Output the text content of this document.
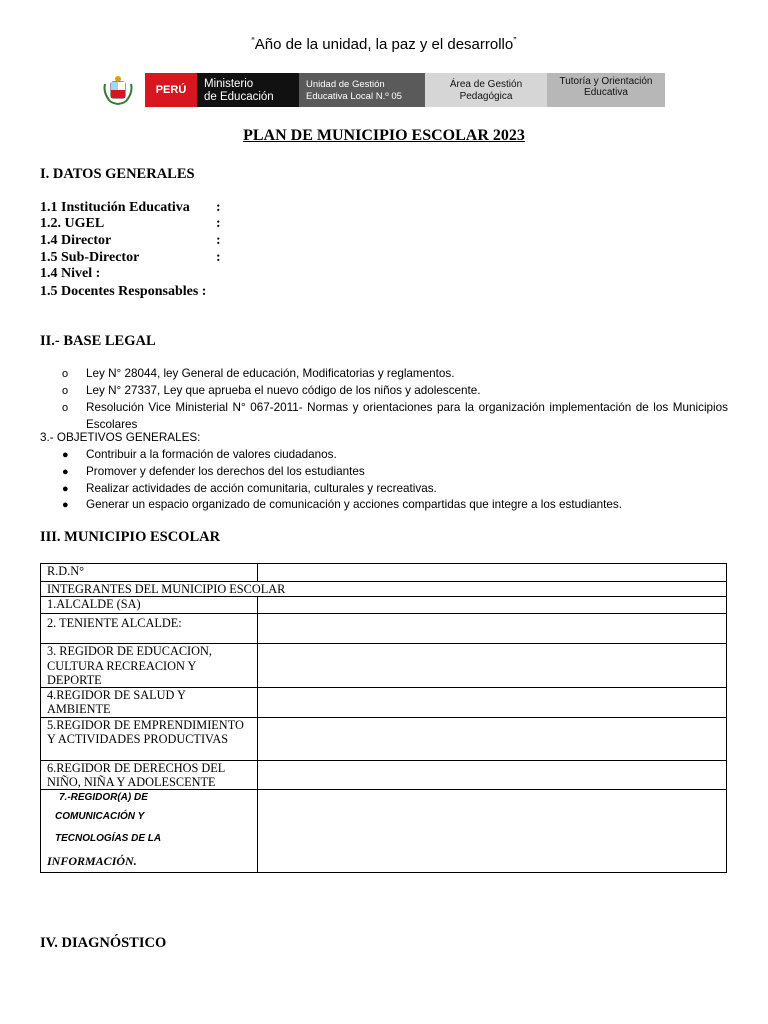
“Año de la unidad, la paz y el desarrollo”
PERÚ	Ministerio
de Educación
Unidad de Gestión
Educativa Local N.º 05
Área de Gestión
Pedagógica
Tutoría y Orientación
Educativa
PLAN DE MUNICIPIO ESCOLAR 2023
I. DATOS GENERALES
1.1 Institución Educativa :
1.2. UGEL	:
1.4 Director	:
1.5 Sub-Director	:
1.4 Nivel :
1.5 Docentes Responsables :
II.- BASE LEGAL
o	Ley N° 28044, ley General de educación, Modificatorias y reglamentos.
o	Ley N° 27337, Ley que aprueba el nuevo código de los niños y adolescente.
o	Resolución Vice Ministerial N° 067-2011- Normas y orientaciones para la organización implementación de los Municipios Escolares
3.- OBJETIVOS GENERALES:
●	Contribuir a la formación de valores ciudadanos.
●	Promover y defender los derechos del los estudiantes
●	Realizar actividades de acción comunitaria, culturales y recreativas.
●	Generar un espacio organizado de comunicación y acciones compartidas que integre a los estudiantes.
III. MUNICIPIO ESCOLAR
R.D.N°	
INTEGRANTES DEL MUNICIPIO ESCOLAR	
1.ALCALDE (SA)	
2. TENIENTE ALCALDE:	
3. REGIDOR DE EDUCACION, CULTURA RECREACION Y DEPORTE	
4.REGIDOR DE SALUD Y AMBIENTE	
5.REGIDOR DE EMPRENDIMIENTO Y ACTIVIDADES PRODUCTIVAS	
6.REGIDOR DE DERECHOS DEL NIÑO, NIÑA Y ADOLESCENTE	

7.-REGIDOR(A) DE
COMUNICACIÓN Y
TECNOLOGÍAS DE LA
INFORMACIÓN.	

IV. DIAGNÓSTICO
